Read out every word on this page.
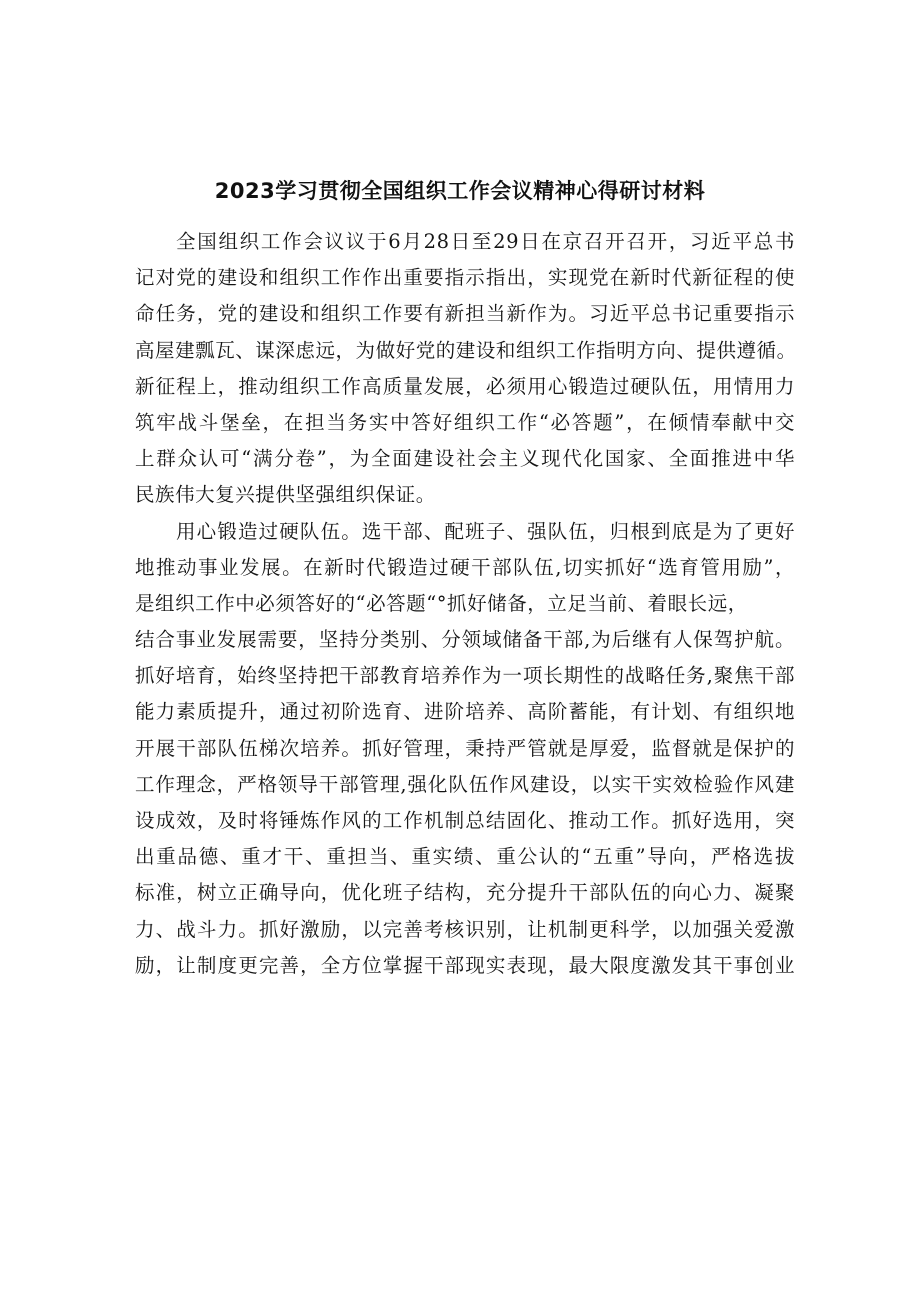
2023学习贯彻全国组织工作会议精神心得研讨材料
全国组织工作会议议于6月28日至29日在京召开召开，习近平总书
记对党的建设和组织工作作出重要指示指出，实现党在新时代新征程的使
命任务，党的建设和组织工作要有新担当新作为。习近平总书记重要指示
高屋建瓢瓦、谋深虑远，为做好党的建设和组织工作指明方向、提供遵循。
新征程上，推动组织工作高质量发展，必须用心锻造过硬队伍，用情用力
筑牢战斗堡垒，在担当务实中答好组织工作“必答题”，在倾情奉献中交
上群众认可“满分卷”，为全面建设社会主义现代化国家、全面推进中华
民族伟大复兴提供坚强组织保证。
用心锻造过硬队伍。选干部、配班子、强队伍，归根到底是为了更好
地推动事业发展。在新时代锻造过硬干部队伍,切实抓好“选育管用励”，
是组织工作中必须答好的“必答题“°抓好储备，立足当前、着眼长远，
结合事业发展需要，坚持分类别、分领域储备干部,为后继有人保驾护航。
抓好培育，始终坚持把干部教育培养作为一项长期性的战略任务,聚焦干部
能力素质提升，通过初阶选育、进阶培养、高阶蓄能，有计划、有组织地
开展干部队伍梯次培养。抓好管理，秉持严管就是厚爱，监督就是保护的
工作理念，严格领导干部管理,强化队伍作风建设，以实干实效检验作风建
设成效，及时将锤炼作风的工作机制总结固化、推动工作。抓好选用，突
出重品德、重才干、重担当、重实绩、重公认的“五重”导向，严格选拔
标准，树立正确导向，优化班子结构，充分提升干部队伍的向心力、凝聚
力、战斗力。抓好激励，以完善考核识别，让机制更科学，以加强关爱激
励，让制度更完善，全方位掌握干部现实表现，最大限度激发其干事创业
